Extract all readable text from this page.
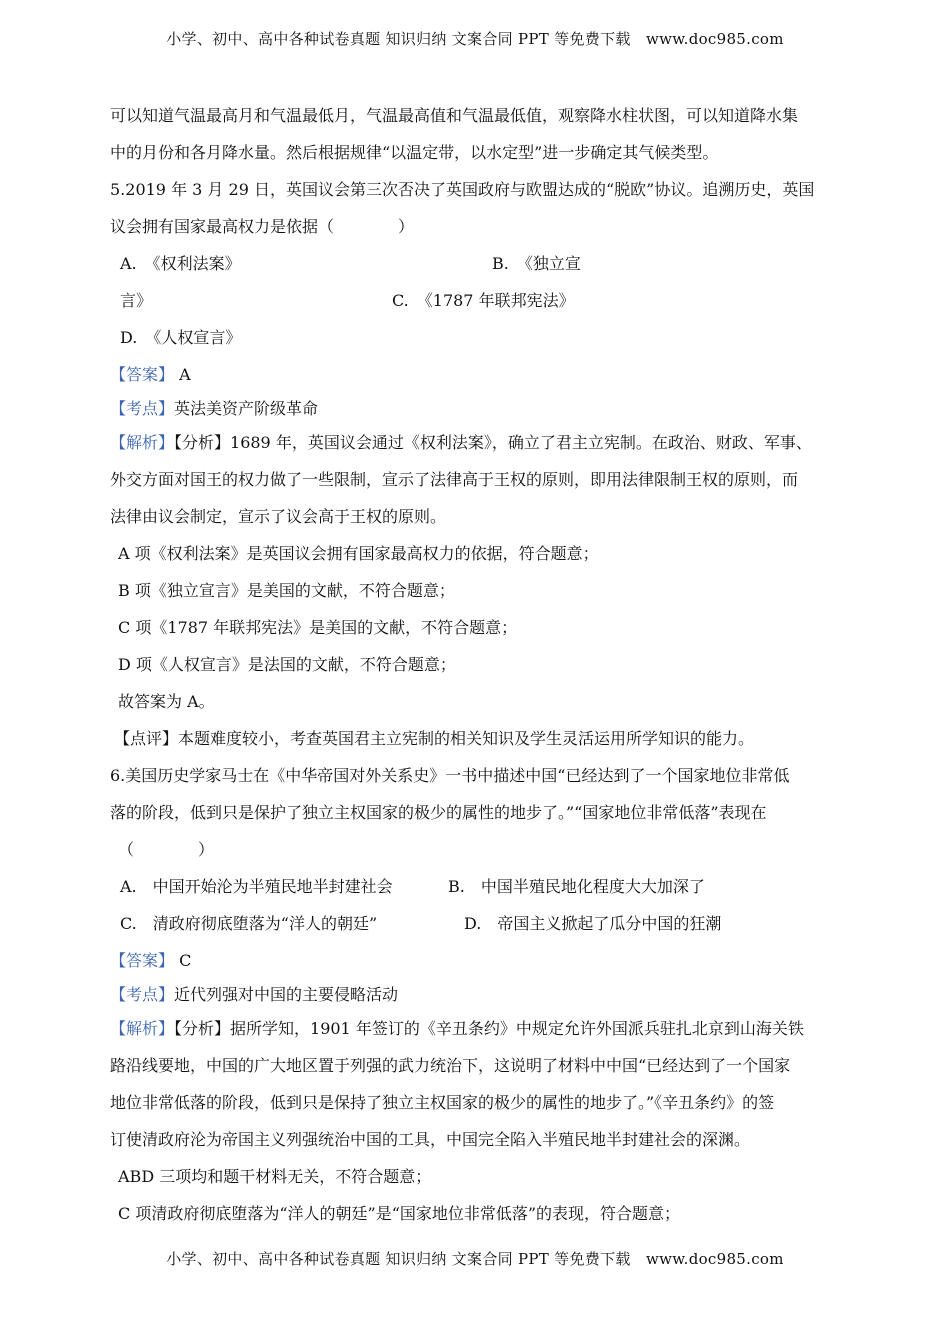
小学、初中、高中各种试卷真题 知识归纳 文案合同 PPT 等免费下载　www.doc985.com
可以知道气温最高月和气温最低月，气温最高值和气温最低值，观察降水柱状图，可以知道降水集
中的月份和各月降水量。然后根据规律“以温定带，以水定型”进一步确定其气候类型。
5.2019 年 3 月 29 日，英国议会第三次否决了英国政府与欧盟达成的“脱欧”协议。追溯历史，英国
议会拥有国家最高权力是依据（　　　　）
A.　《权利法案》	B.　《独立宣
言》	C.　《1787 年联邦宪法》
D.　《人权宣言》
【答案】 A
【考点】英法美资产阶级革命
【解析】【分析】1689 年，英国议会通过《权利法案》，确立了君主立宪制。在政治、财政、军事、
外交方面对国王的权力做了一些限制，宣示了法律高于王权的原则，即用法律限制王权的原则，而
法律由议会制定，宣示了议会高于王权的原则。
A 项《权利法案》是英国议会拥有国家最高权力的依据，符合题意；
B 项《独立宣言》是美国的文献，不符合题意；
C 项《1787 年联邦宪法》是美国的文献，不符合题意；
D 项《人权宣言》是法国的文献，不符合题意；
故答案为 A。
【点评】本题难度较小，考查英国君主立宪制的相关知识及学生灵活运用所学知识的能力。
6.美国历史学家马士在《中华帝国对外关系史》一书中描述中国“已经达到了一个国家地位非常低
落的阶段，低到只是保护了独立主权国家的极少的属性的地步了。”“国家地位非常低落”表现在
（　　　　）
A.　中国开始沦为半殖民地半封建社会	B.　中国半殖民地化程度大大加深了
C.　清政府彻底堕落为“洋人的朝廷”	D.　帝国主义掀起了瓜分中国的狂潮
【答案】 C
【考点】近代列强对中国的主要侵略活动
【解析】【分析】据所学知，1901 年签订的《辛丑条约》中规定允许外国派兵驻扎北京到山海关铁
路沿线要地，中国的广大地区置于列强的武力统治下，这说明了材料中中国“已经达到了一个国家
地位非常低落的阶段，低到只是保持了独立主权国家的极少的属性的地步了。”《辛丑条约》的签
订使清政府沦为帝国主义列强统治中国的工具，中国完全陷入半殖民地半封建社会的深渊。
ABD 三项均和题干材料无关，不符合题意；
C 项清政府彻底堕落为“洋人的朝廷”是“国家地位非常低落”的表现，符合题意；
小学、初中、高中各种试卷真题 知识归纳 文案合同 PPT 等免费下载　www.doc985.com
